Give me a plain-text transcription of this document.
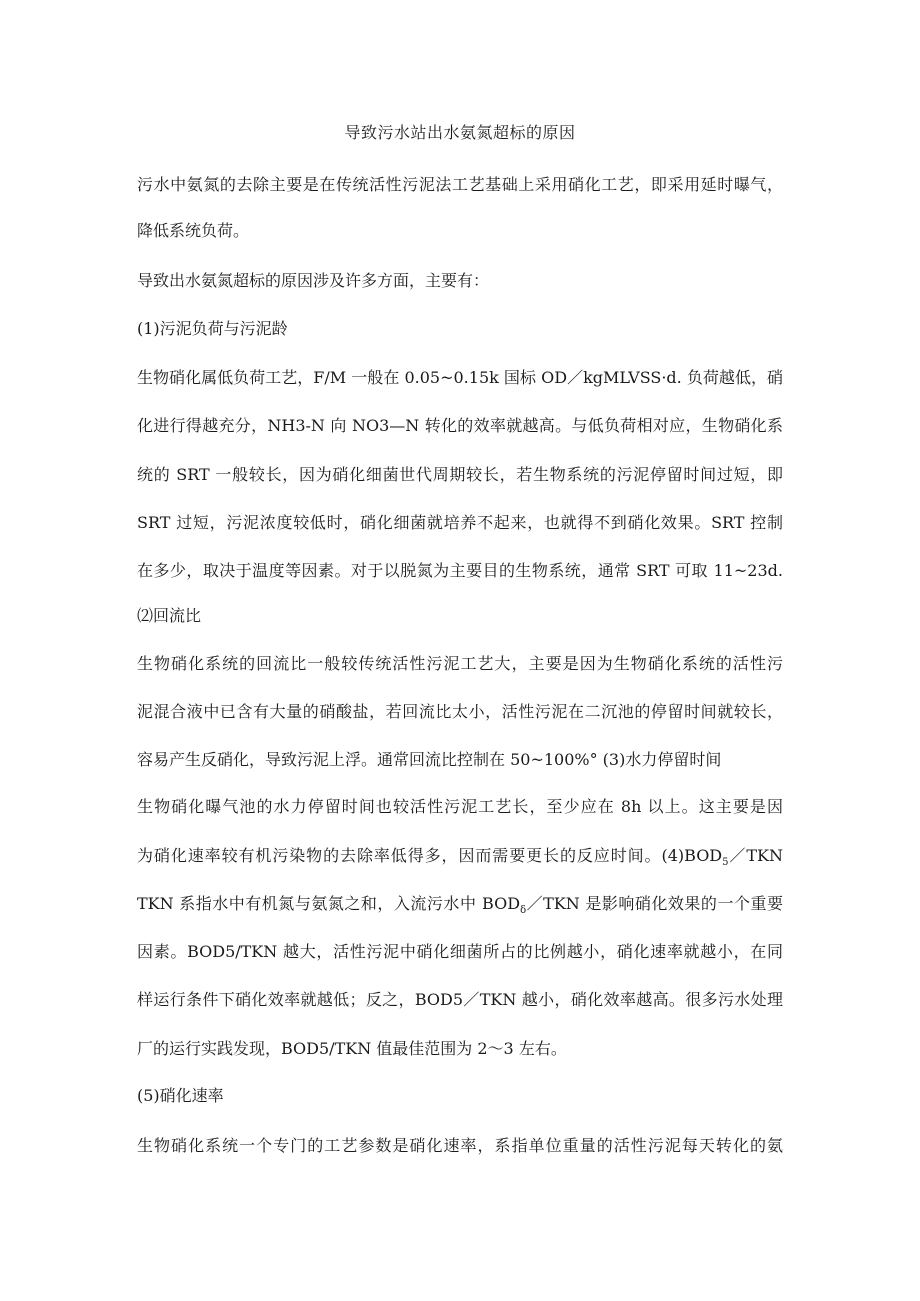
导致污水站出水氨氮超标的原因
污水中氨氮的去除主要是在传统活性污泥法工艺基础上采用硝化工艺，即采用延时曝气，
降低系统负荷。
导致出水氨氮超标的原因涉及许多方面，主要有：
(1)污泥负荷与污泥龄
生物硝化属低负荷工艺，F/M 一般在 0.05~0.15k 国标 OD／kgMLVSS·d. 负荷越低，硝
化进行得越充分，NH3-N 向 NO3—N 转化的效率就越高。与低负荷相对应，生物硝化系
统的 SRT 一般较长，因为硝化细菌世代周期较长，若生物系统的污泥停留时间过短，即
SRT 过短，污泥浓度较低时，硝化细菌就培养不起来，也就得不到硝化效果。SRT 控制
在多少，取决于温度等因素。对于以脱氮为主要目的生物系统，通常 SRT 可取 11~23d.
⑵回流比
生物硝化系统的回流比一般较传统活性污泥工艺大，主要是因为生物硝化系统的活性污
泥混合液中已含有大量的硝酸盐，若回流比太小，活性污泥在二沉池的停留时间就较长，
容易产生反硝化，导致污泥上浮。通常回流比控制在 50~100%° (3)水力停留时间
生物硝化曝气池的水力停留时间也较活性污泥工艺长，至少应在 8h 以上。这主要是因
为硝化速率较有机污染物的去除率低得多，因而需要更长的反应时间。$(4)BOD_5/TKN$
TKN 系指水中有机氮与氨氮之和，入流污水中 $BOD_\delta/TKN$ 是影响硝化效果的一个重要
因素。BOD5/TKN 越大，活性污泥中硝化细菌所占的比例越小，硝化速率就越小，在同
样运行条件下硝化效率就越低；反之，BOD5／TKN 越小，硝化效率越高。很多污水处理
厂的运行实践发现，BOD5/TKN 值最佳范围为 2～3 左右。
(5)硝化速率
生物硝化系统一个专门的工艺参数是硝化速率，系指单位重量的活性污泥每天转化的氨
